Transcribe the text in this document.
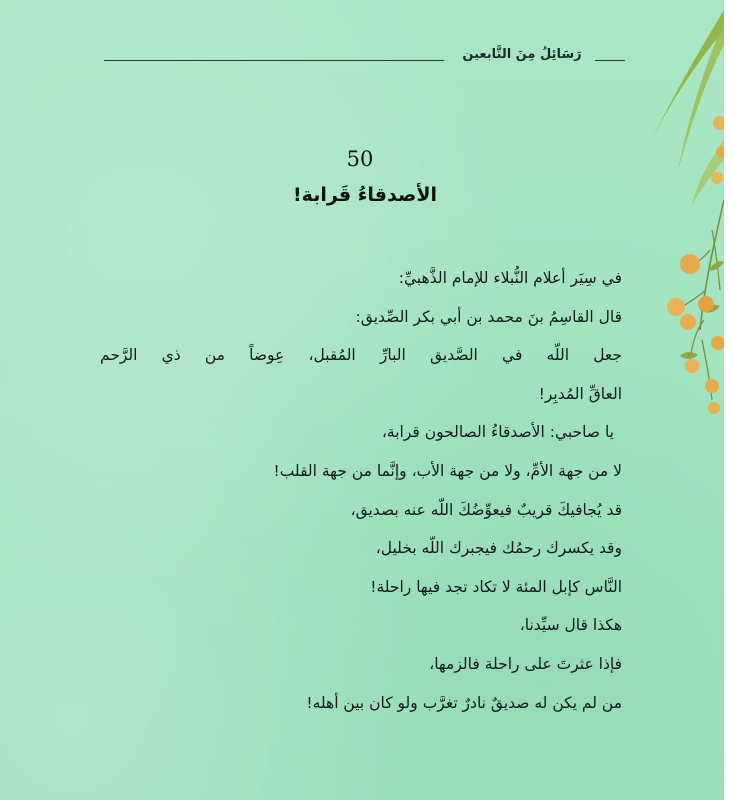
رَسَائِلُ مِنَ التَّابعين
50
الأصدقاءُ قَرابة!
في سِيَر أعلام النُّبلاء للإمام الذَّهبيِّ:
قال القاسِمُ بنَ محمد بن أبي بكر الصِّديق:
جعل اللّه في الصَّديق البارِّ المُقبل، عِوضاً من ذي الرَّحم
العاقِّ المُدبِر!
يا صاحبي: الأصدقاءُ الصالحون قرابة،
لا من جهة الأمِّ، ولا من جهة الأب، وإنَّما من جهة القلب!
قد يُجافيكَ قريبٌ فيعوِّضُكَ اللّه عنه بصديق،
وقد يكسرك رحمُك فيجبرك اللّه بخليل،
النَّاس كإبل المئة لا تكاد تجد فيها راحلة!
هكذا قال سيِّدنا،
فإذا عثرتَ على راحلة فالزمها،
من لم يكن له صديقٌ نادرٌ تغرَّب ولو كان بين أهله!
